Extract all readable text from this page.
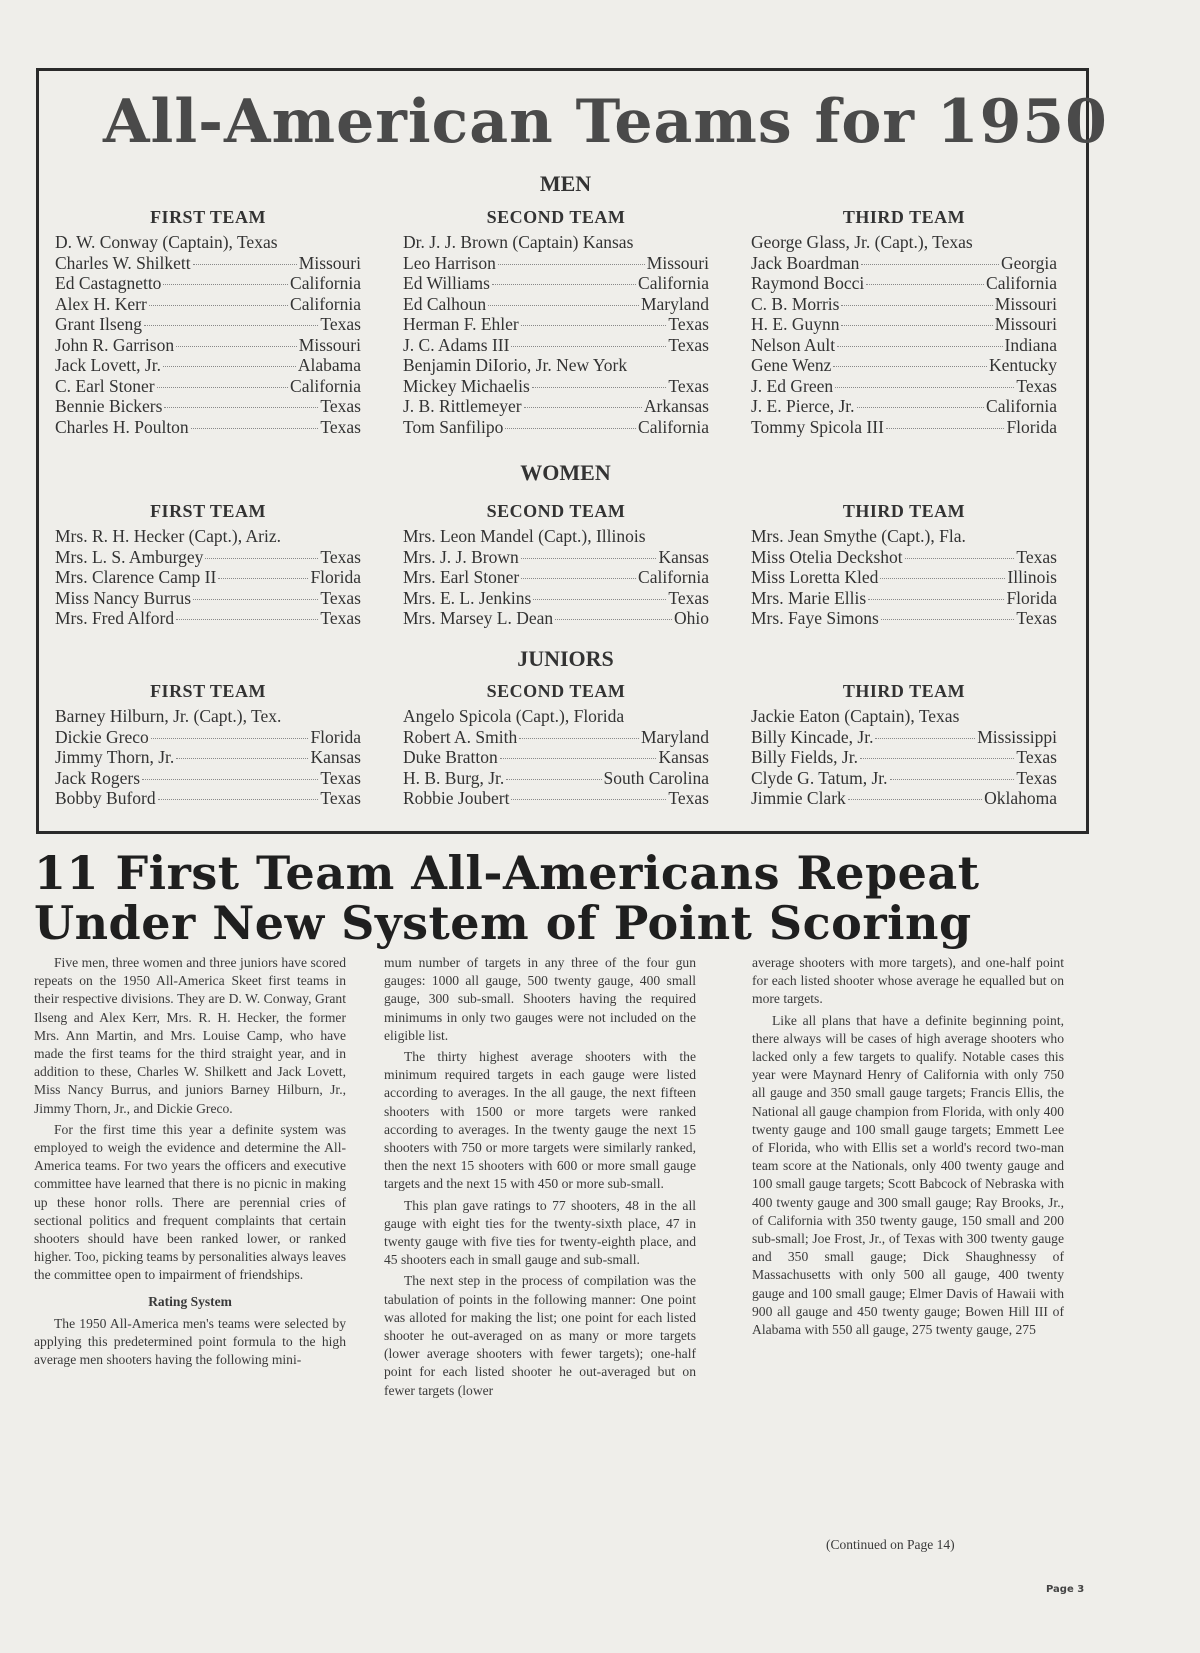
All-American Teams for 1950
MEN
FIRST TEAM
D. W. Conway (Captain), Texas
Charles W. Shilkett	Missouri
Ed Castagnetto	California
Alex H. Kerr	California
Grant Ilseng	Texas
John R. Garrison	Missouri
Jack Lovett, Jr.	Alabama
C. Earl Stoner	California
Bennie Bickers	Texas
Charles H. Poulton	Texas
SECOND TEAM
Dr. J. J. Brown (Captain) Kansas
Leo Harrison	Missouri
Ed Williams	California
Ed Calhoun	Maryland
Herman F. Ehler	Texas
J. C. Adams III	Texas
Benjamin DiIorio, Jr. New York
Mickey Michaelis	Texas
J. B. Rittlemeyer	Arkansas
Tom Sanfilipo	California
THIRD TEAM
George Glass, Jr. (Capt.), Texas
Jack Boardman	Georgia
Raymond Bocci	California
C. B. Morris	Missouri
H. E. Guynn	Missouri
Nelson Ault	Indiana
Gene Wenz	Kentucky
J. Ed Green	Texas
J. E. Pierce, Jr.	California
Tommy Spicola III	Florida
WOMEN
FIRST TEAM
Mrs. R. H. Hecker (Capt.), Ariz.
Mrs. L. S. Amburgey	Texas
Mrs. Clarence Camp II	Florida
Miss Nancy Burrus	Texas
Mrs. Fred Alford	Texas
SECOND TEAM
Mrs. Leon Mandel (Capt.), Illinois
Mrs. J. J. Brown	Kansas
Mrs. Earl Stoner	California
Mrs. E. L. Jenkins	Texas
Mrs. Marsey L. Dean	Ohio
THIRD TEAM
Mrs. Jean Smythe (Capt.), Fla.
Miss Otelia Deckshot	Texas
Miss Loretta Kled	Illinois
Mrs. Marie Ellis	Florida
Mrs. Faye Simons	Texas
JUNIORS
FIRST TEAM
Barney Hilburn, Jr. (Capt.), Tex.
Dickie Greco	Florida
Jimmy Thorn, Jr.	Kansas
Jack Rogers	Texas
Bobby Buford	Texas
SECOND TEAM
Angelo Spicola (Capt.), Florida
Robert A. Smith	Maryland
Duke Bratton	Kansas
H. B. Burg, Jr.	South Carolina
Robbie Joubert	Texas
THIRD TEAM
Jackie Eaton (Captain), Texas
Billy Kincade, Jr.	Mississippi
Billy Fields, Jr.	Texas
Clyde G. Tatum, Jr.	Texas
Jimmie Clark	Oklahoma
11 First Team All-Americans Repeat
Under New System of Point Scoring

Five men, three women and three juniors have scored repeats on the 1950 All-America Skeet first teams in their respective divisions. They are D. W. Conway, Grant Ilseng and Alex Kerr, Mrs. R. H. Hecker, the former Mrs. Ann Martin, and Mrs. Louise Camp, who have made the first teams for the third straight year, and in addition to these, Charles W. Shilkett and Jack Lovett, Miss Nancy Burrus, and juniors Barney Hilburn, Jr., Jimmy Thorn, Jr., and Dickie Greco.

For the first time this year a definite system was employed to weigh the evidence and determine the All-America teams. For two years the officers and executive committee have learned that there is no picnic in making up these honor rolls. There are perennial cries of sectional politics and frequent complaints that certain shooters should have been ranked lower, or ranked higher. Too, picking teams by personalities always leaves the committee open to impairment of friendships.

Rating System

The 1950 All-America men's teams were selected by applying this predetermined point formula to the high average men shooters having the following mini-

mum number of targets in any three of the four gun gauges: 1000 all gauge, 500 twenty gauge, 400 small gauge, 300 sub-small. Shooters having the required minimums in only two gauges were not included on the eligible list.

The thirty highest average shooters with the minimum required targets in each gauge were listed according to averages. In the all gauge, the next fifteen shooters with 1500 or more targets were ranked according to averages. In the twenty gauge the next 15 shooters with 750 or more targets were similarly ranked, then the next 15 shooters with 600 or more small gauge targets and the next 15 with 450 or more sub-small.

This plan gave ratings to 77 shooters, 48 in the all gauge with eight ties for the twenty-sixth place, 47 in twenty gauge with five ties for twenty-eighth place, and 45 shooters each in small gauge and sub-small.

The next step in the process of compilation was the tabulation of points in the following manner: One point was alloted for making the list; one point for each listed shooter he out-averaged on as many or more targets (lower average shooters with fewer targets); one-half point for each listed shooter he out-averaged but on fewer targets (lower

average shooters with more targets), and one-half point for each listed shooter whose average he equalled but on more targets.

Like all plans that have a definite beginning point, there always will be cases of high average shooters who lacked only a few targets to qualify. Notable cases this year were Maynard Henry of California with only 750 all gauge and 350 small gauge targets; Francis Ellis, the National all gauge champion from Florida, with only 400 twenty gauge and 100 small gauge targets; Emmett Lee of Florida, who with Ellis set a world's record two-man team score at the Nationals, only 400 twenty gauge and 100 small gauge targets; Scott Babcock of Nebraska with 400 twenty gauge and 300 small gauge; Ray Brooks, Jr., of California with 350 twenty gauge, 150 small and 200 sub-small; Joe Frost, Jr., of Texas with 300 twenty gauge and 350 small gauge; Dick Shaughnessy of Massachusetts with only 500 all gauge, 400 twenty gauge and 100 small gauge; Elmer Davis of Hawaii with 900 all gauge and 450 twenty gauge; Bowen Hill III of Alabama with 550 all gauge, 275 twenty gauge, 275

(Continued on Page 14)
Page 3
